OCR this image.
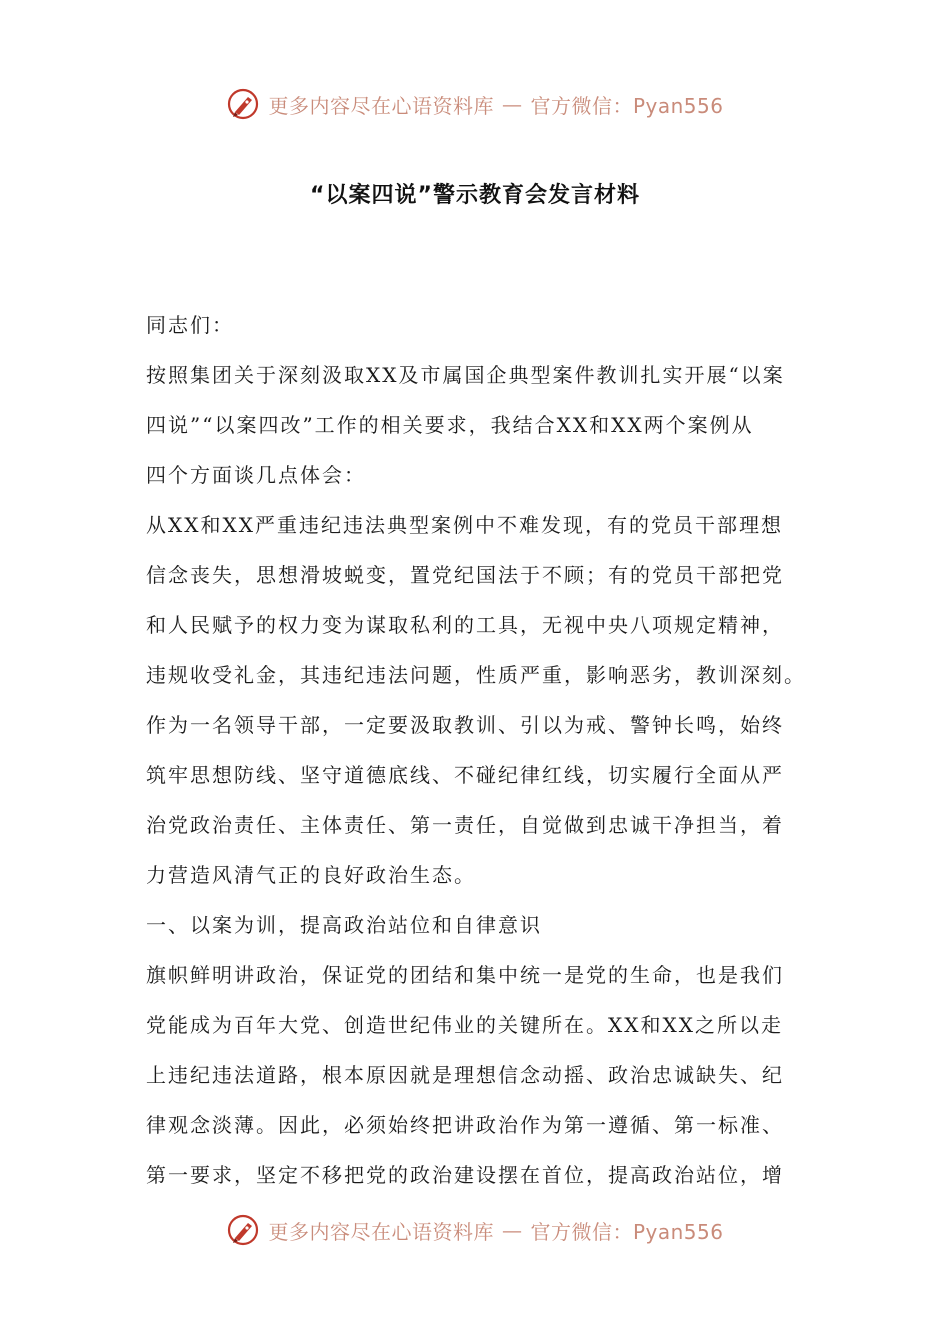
更多内容尽在心语资料库 — 官方微信：Pyan556
“以案四说”警示教育会发言材料

同志们：

按照集团关于深刻汲取XX及市属国企典型案件教训扎实开展“以案

四说”“以案四改”工作的相关要求，我结合XX和XX两个案例从

四个方面谈几点体会：

从XX和XX严重违纪违法典型案例中不难发现，有的党员干部理想

信念丧失，思想滑坡蜕变，置党纪国法于不顾；有的党员干部把党

和人民赋予的权力变为谋取私利的工具，无视中央八项规定精神，

违规收受礼金，其违纪违法问题，性质严重，影响恶劣，教训深刻。

作为一名领导干部，一定要汲取教训、引以为戒、警钟长鸣，始终

筑牢思想防线、坚守道德底线、不碰纪律红线，切实履行全面从严

治党政治责任、主体责任、第一责任，自觉做到忠诚干净担当，着

力营造风清气正的良好政治生态。

一、以案为训，提高政治站位和自律意识

旗帜鲜明讲政治，保证党的团结和集中统一是党的生命，也是我们

党能成为百年大党、创造世纪伟业的关键所在。XX和XX之所以走

上违纪违法道路，根本原因就是理想信念动摇、政治忠诚缺失、纪

律观念淡薄。因此，必须始终把讲政治作为第一遵循、第一标准、

第一要求，坚定不移把党的政治建设摆在首位，提高政治站位，增

更多内容尽在心语资料库 — 官方微信：Pyan556
